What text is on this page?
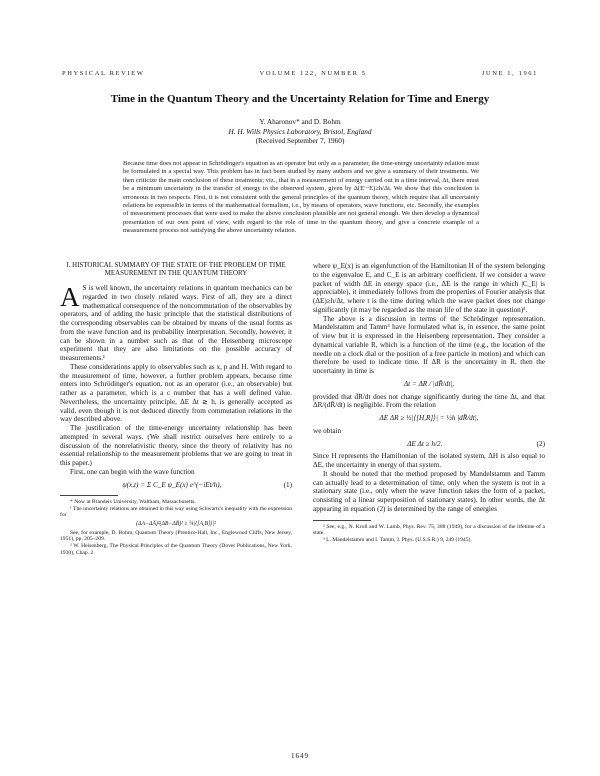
PHYSICAL REVIEW	VOLUME 122, NUMBER 5	JUNE 1, 1961
Time in the Quantum Theory and the Uncertainty Relation for Time and Energy
Y. Aharonov* and D. Bohm
H. H. Wills Physics Laboratory, Bristol, England
(Received September 7, 1960)
Because time does not appear in Schrödinger's equation as an operator but only as a parameter, the time-energy uncertainty relation must be formulated in a special way. This problem has in fact been studied by many authors and we give a summary of their treatments. We then criticize the main conclusion of these treatments; viz., that in a measurement of energy carried out in a time interval, Δt, there must be a minimum uncertainty in the transfer of energy to the observed system, given by Δ(E′−E)≥h/Δt. We show that this conclusion is erroneous in two respects. First, it is not consistent with the general principles of the quantum theory, which require that all uncertainty relations be expressible in terms of the mathematical formalism, i.e., by means of operators, wave functions, etc. Secondly, the examples of measurement processes that were used to make the above conclusion plausible are not general enough. We then develop a dynamical presentation of our own point of view, with regard to the role of time in the quantum theory, and give a concrete example of a measurement process not satisfying the above uncertainty relation.
I. HISTORICAL SUMMARY OF THE STATE OF THE PROBLEM OF TIME MEASUREMENT IN THE QUANTUM THEORY

A S is well known, the uncertainty relations in quantum mechanics can be regarded in two closely related ways. First of all, they are a direct mathematical consequence of the noncommutation of the observables by operators, and of adding the basic principle that the statistical distributions of the corresponding observables can be obtained by means of the usual forms as from the wave function and its probability interpretation. Secondly, however, it can be shown in a number such as that of the Heisenberg microscope experiment that they are also limitations on the possible accuracy of measurements.¹

These considerations apply to observables such as x, p and H. With regard to the measurement of time, however, a further problem appears, because time enters into Schrödinger's equation, not as an operator (i.e., an observable) but rather as a parameter, which is a c number that has a well defined value. Nevertheless, the uncertainty principle, ΔE Δt ≳ h, is generally accepted as valid, even though it is not deduced directly from commutation relations in the way described above.

The justification of the time-energy uncertainty relationship has been attempted in several ways. (We shall restrict ourselves here entirely to a discussion of the nonrelativistic theory, since the theory of relativity has no essential relationship to the measurement problems that we are going to treat in this paper.)

First, one can begin with the wave function

ψ(x,t) = Σ C_E ψ_E(x) e^(−iEt/h),	(1)

* Now at Brandeis University, Waltham, Massachusetts.

¹ The uncertainty relations are obtained in this way using Schwartz's inequality with the expression for

(ΔA−ΔĀ)²(ΔB−ΔB̄)² ≥ ¼|⟨[A,B]⟩|²

See, for example, D. Bohm, Quantum Theory (Prentice-Hall, Inc., Englewood Cliffs, New Jersey, 1951), pp. 205–209.

² W. Heisenberg, The Physical Principles of the Quantum Theory (Dover Publications, New York, 1930), Chap. 2.

where ψ_E(x) is an eigenfunction of the Hamiltonian H of the system belonging to the eigenvalue E, and C_E is an arbitrary coefficient. If we consider a wave packet of width ΔE in energy space (i.e., ΔE is the range in which |C_E| is appreciable), it immediately follows from the properties of Fourier analysis that (ΔE)≥h/Δt, where t is the time during which the wave packet does not change significantly (it may be regarded as the mean life of the state in question)².

The above is a discussion in terms of the Schrödinger representation. Mandelstamm and Tamm³ have formulated what is, in essence, the same point of view but it is expressed in the Heisenberg representation. They consider a dynamical variable R, which is a function of the time (e.g., the location of the needle on a clock dial or the position of a free particle in motion) and which can therefore be used to indicate time. If ΔR is the uncertainty in R, then the uncertainty in time is

Δt = ΔR / |dR̄/dt|,

provided that d̄R/dt does not change significantly during the time Δt, and that ΔR/(dR̄/dt) is negligible. From the relation

ΔE ΔR ≥ ½|⟨[H,R]⟩| = ½h |dR̄/dt|,

we obtain

ΔE Δt ≥ h/2.	(2)

Since H represents the Hamiltonian of the isolated system, ΔH is also equal to ΔE, the uncertainty in energy of that system.

It should be noted that the method proposed by Mandelstamm and Tamm can actually lead to a determination of time, only when the system is not in a stationary state (i.e., only when the wave function takes the form of a packet, consisting of a linear superposition of stationary states). In other words, the Δt appearing in equation (2) is determined by the range of energies

² See, e.g., N. Kroll and W. Lamb, Phys. Rev. 75, 388 (1949), for a discussion of the lifetime of a state.

³ L. Mandelstamm and I. Tamm, J. Phys. (U.S.S.R.) 9, 249 (1945).

1649
